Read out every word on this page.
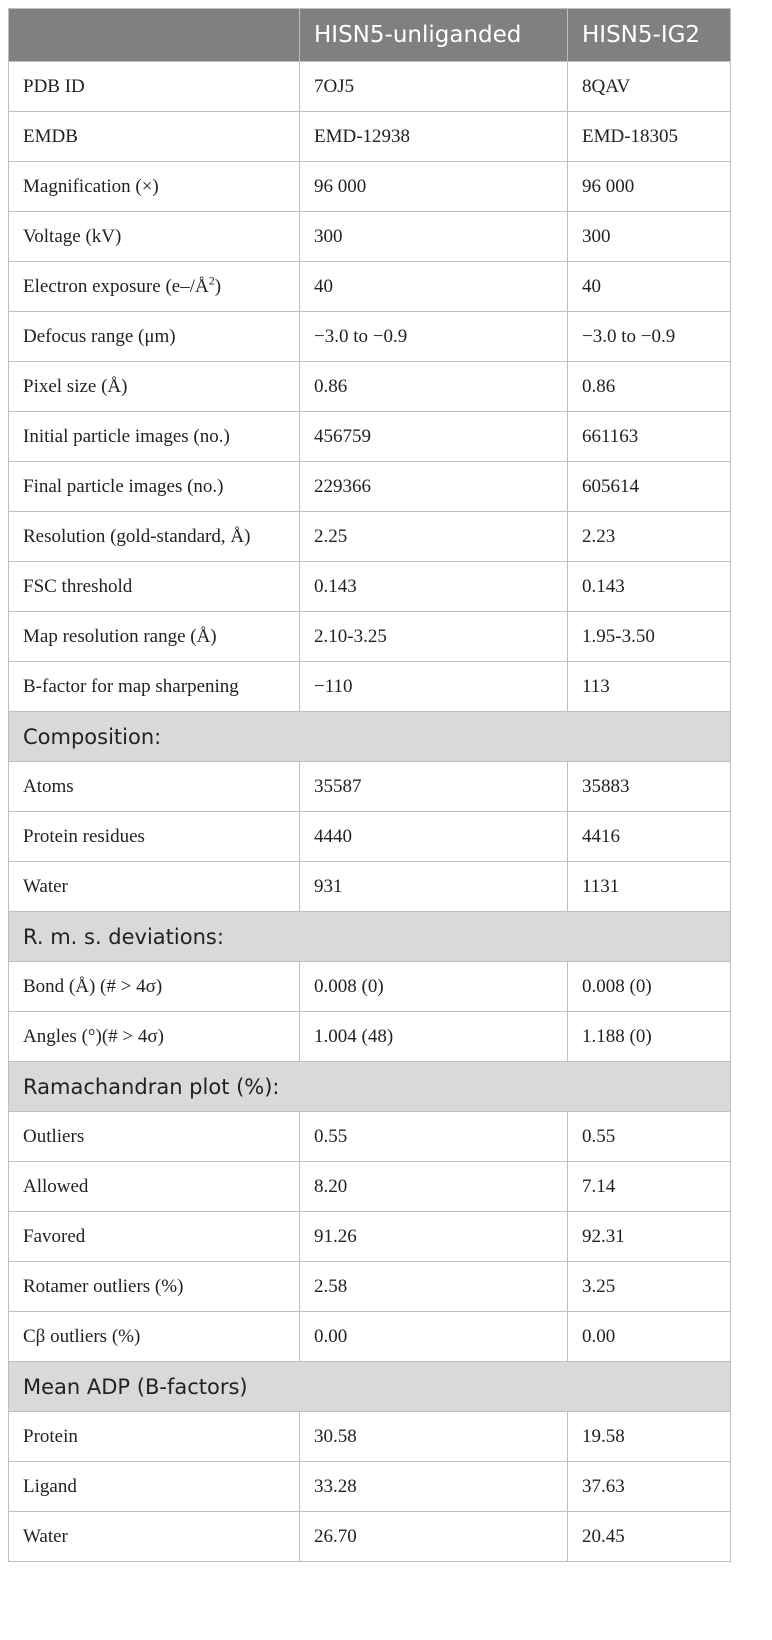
	HISN5-unliganded	HISN5-IG2
PDB ID	7OJ5	8QAV
EMDB	EMD-12938	EMD-18305
Magnification (×)	96 000	96 000
Voltage (kV)	300	300
Electron exposure $(e-/Å^2)$	40	40
Defocus range (μm)	−3.0 to −0.9	−3.0 to −0.9
Pixel size (Å)	0.86	0.86
Initial particle images (no.)	456759	661163
Final particle images (no.)	229366	605614
Resolution (gold-standard, Å)	2.25	2.23
FSC threshold	0.143	0.143
Map resolution range (Å)	2.10-3.25	1.95-3.50
B-factor for map sharpening	−110	113
Composition:		
Atoms	35587	35883
Protein residues	4440	4416
Water	931	1131
R. m. s. deviations:		
Bond (Å) (# > 4σ)	0.008 (0)	0.008 (0)
Angles (°)(# > 4σ)	1.004 (48)	1.188 (0)
Ramachandran plot (%):		
Outliers	0.55	0.55
Allowed	8.20	7.14
Favored	91.26	92.31
Rotamer outliers (%)	2.58	3.25
Cβ outliers (%)	0.00	0.00
Mean ADP (B-factors)		
Protein	30.58	19.58
Ligand	33.28	37.63
Water	26.70	20.45
